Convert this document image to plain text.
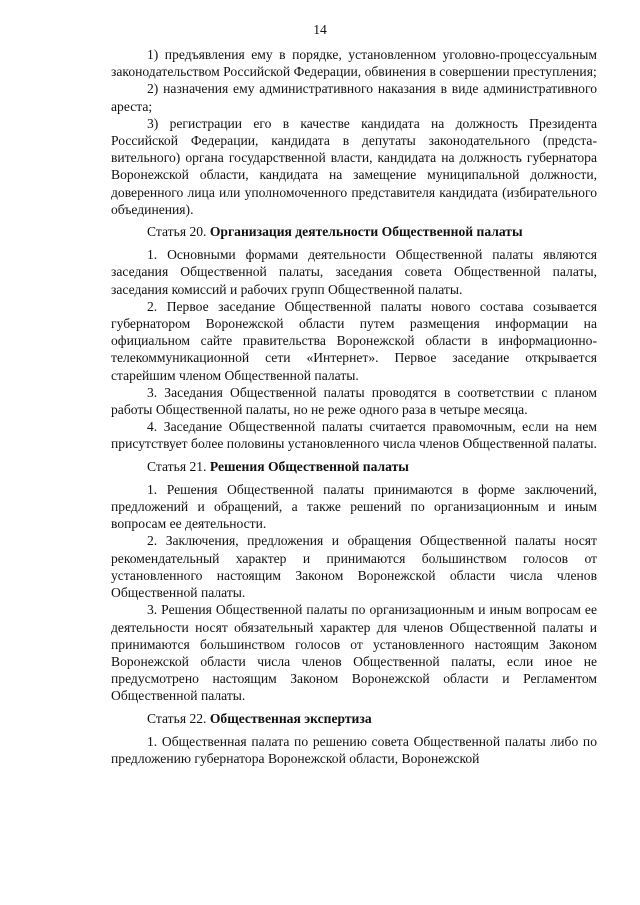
14

1) предъявления ему в порядке, установленном уголовно-процессуальным законодательством Российской Федерации, обвинения в совершении преступления;

2) назначения ему административного наказания в виде административного ареста;

3) регистрации его в качестве кандидата на должность Президента Российской Федерации, кандидата в депутаты законодательного (представительного) органа государственной власти, кандидата на должность губернатора Воронежской области, кандидата на замещение муниципальной должности, доверенного лица или уполномоченного представителя кандидата (избирательного объединения).

Статья 20. Организация деятельности Общественной палаты

1. Основными формами деятельности Общественной палаты являются заседания Общественной палаты, заседания совета Общественной палаты, заседания комиссий и рабочих групп Общественной палаты.

2. Первое заседание Общественной палаты нового состава созывается губернатором Воронежской области путем размещения информации на официальном сайте правительства Воронежской области в информационно-телекоммуникационной сети «Интернет». Первое заседание открывается старейшим членом Общественной палаты.

3. Заседания Общественной палаты проводятся в соответствии с планом работы Общественной палаты, но не реже одного раза в четыре месяца.

4. Заседание Общественной палаты считается правомочным, если на нем присутствует более половины установленного числа членов Общественной палаты.

Статья 21. Решения Общественной палаты

1. Решения Общественной палаты принимаются в форме заключений, предложений и обращений, а также решений по организационным и иным вопросам ее деятельности.

2. Заключения, предложения и обращения Общественной палаты носят рекомендательный характер и принимаются большинством голосов от установленного настоящим Законом Воронежской области числа членов Общественной палаты.

3. Решения Общественной палаты по организационным и иным вопросам ее деятельности носят обязательный характер для членов Общественной палаты и принимаются большинством голосов от установленного настоящим Законом Воронежской области числа членов Общественной палаты, если иное не предусмотрено настоящим Законом Воронежской области и Регламентом Общественной палаты.

Статья 22. Общественная экспертиза

1. Общественная палата по решению совета Общественной палаты либо по предложению губернатора Воронежской области, Воронежской
